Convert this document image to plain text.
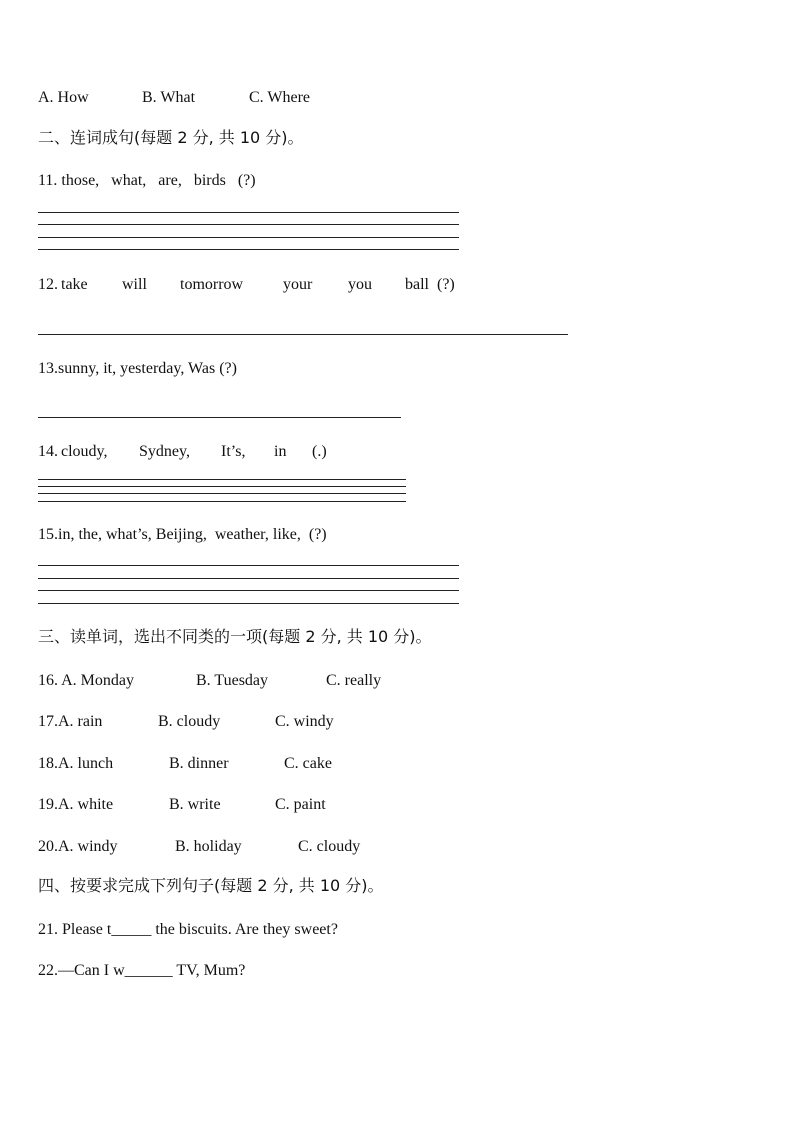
A. How	B. What	C. Where
二、连词成句(每题 2 分, 共 10 分)。
11. those,   what,   are,   birds   (?)
12. take will tomorrow your you ball  (?)
13.sunny, it, yesterday, Was (?)
14. cloudy, Sydney, It’s, in (.)
15.in, the, what’s, Beijing,  weather, like,  (?)
三、读单词，选出不同类的一项(每题 2 分, 共 10 分)。
16. A. Monday	B. Tuesday	C. really
17.A. rain	B. cloudy	C. windy
18.A. lunch	B. dinner	C. cake
19.A. white	B. write	C. paint
20.A. windy	B. holiday	C. cloudy
四、按要求完成下列句子(每题 2 分, 共 10 分)。
21. Please t_____ the biscuits. Are they sweet?
22.—Can I w______ TV, Mum?
